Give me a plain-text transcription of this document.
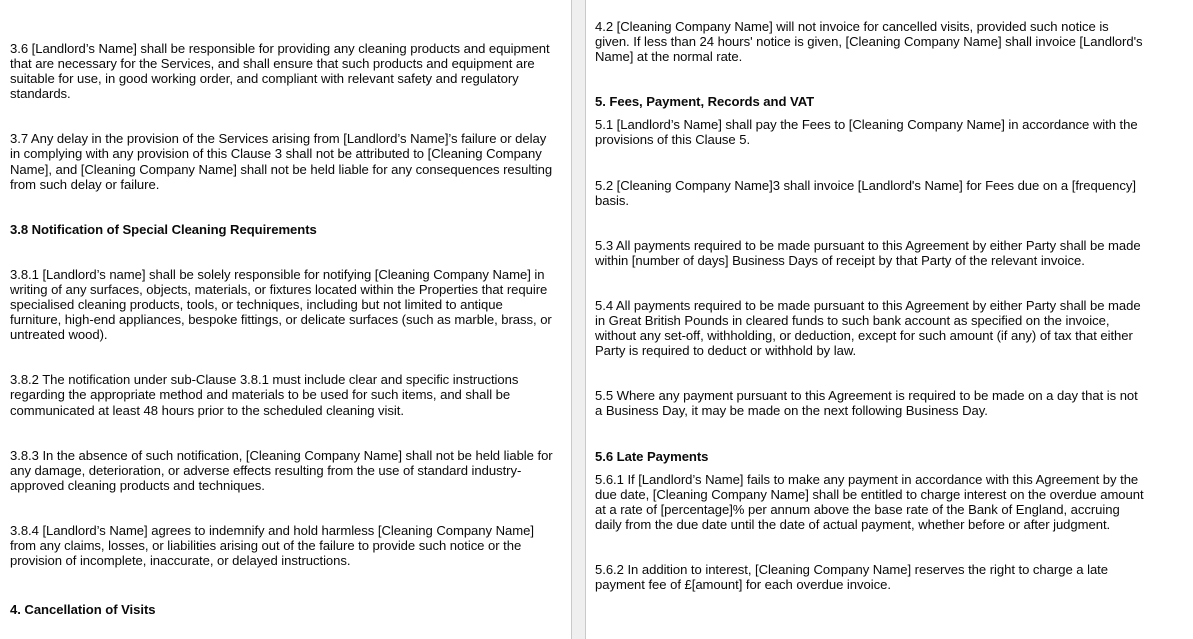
3.6 [Landlord’s Name] shall be responsible for providing any cleaning products and equipment that are necessary for the Services, and shall ensure that such products and equipment are suitable for use, in good working order, and compliant with relevant safety and regulatory standards.

3.7 Any delay in the provision of the Services arising from [Landlord’s Name]’s failure or delay in complying with any provision of this Clause 3 shall not be attributed to [Cleaning Company Name], and [Cleaning Company Name] shall not be held liable for any consequences resulting from such delay or failure.

3.8 Notification of Special Cleaning Requirements

3.8.1 [Landlord’s name] shall be solely responsible for notifying [Cleaning Company Name] in writing of any surfaces, objects, materials, or fixtures located within the Properties that require specialised cleaning products, tools, or techniques, including but not limited to antique furniture, high-end appliances, bespoke fittings, or delicate surfaces (such as marble, brass, or untreated wood).

3.8.2 The notification under sub-Clause 3.8.1 must include clear and specific instructions regarding the appropriate method and materials to be used for such items, and shall be communicated at least 48 hours prior to the scheduled cleaning visit.

3.8.3 In the absence of such notification, [Cleaning Company Name] shall not be held liable for any damage, deterioration, or adverse effects resulting from the use of standard industry-approved cleaning products and techniques.

3.8.4 [Landlord’s Name] agrees to indemnify and hold harmless [Cleaning Company Name] from any claims, losses, or liabilities arising out of the failure to provide such notice or the provision of incomplete, inaccurate, or delayed instructions.

4. Cancellation of Visits

4.2 [Cleaning Company Name] will not invoice for cancelled visits, provided such notice is given. If less than 24 hours' notice is given, [Cleaning Company Name] shall invoice [Landlord's Name] at the normal rate.

5. Fees, Payment, Records and VAT

5.1 [Landlord’s Name] shall pay the Fees to [Cleaning Company Name] in accordance with the provisions of this Clause 5.

5.2 [Cleaning Company Name]3 shall invoice [Landlord's Name] for Fees due on a [frequency] basis.

5.3 All payments required to be made pursuant to this Agreement by either Party shall be made within [number of days] Business Days of receipt by that Party of the relevant invoice.

5.4 All payments required to be made pursuant to this Agreement by either Party shall be made in Great British Pounds in cleared funds to such bank account as specified on the invoice, without any set-off, withholding, or deduction, except for such amount (if any) of tax that either Party is required to deduct or withhold by law.

5.5 Where any payment pursuant to this Agreement is required to be made on a day that is not a Business Day, it may be made on the next following Business Day.

5.6 Late Payments

5.6.1 If [Landlord’s Name] fails to make any payment in accordance with this Agreement by the due date, [Cleaning Company Name] shall be entitled to charge interest on the overdue amount at a rate of [percentage]% per annum above the base rate of the Bank of England, accruing daily from the due date until the date of actual payment, whether before or after judgment.

5.6.2 In addition to interest, [Cleaning Company Name] reserves the right to charge a late payment fee of £[amount] for each overdue invoice.
